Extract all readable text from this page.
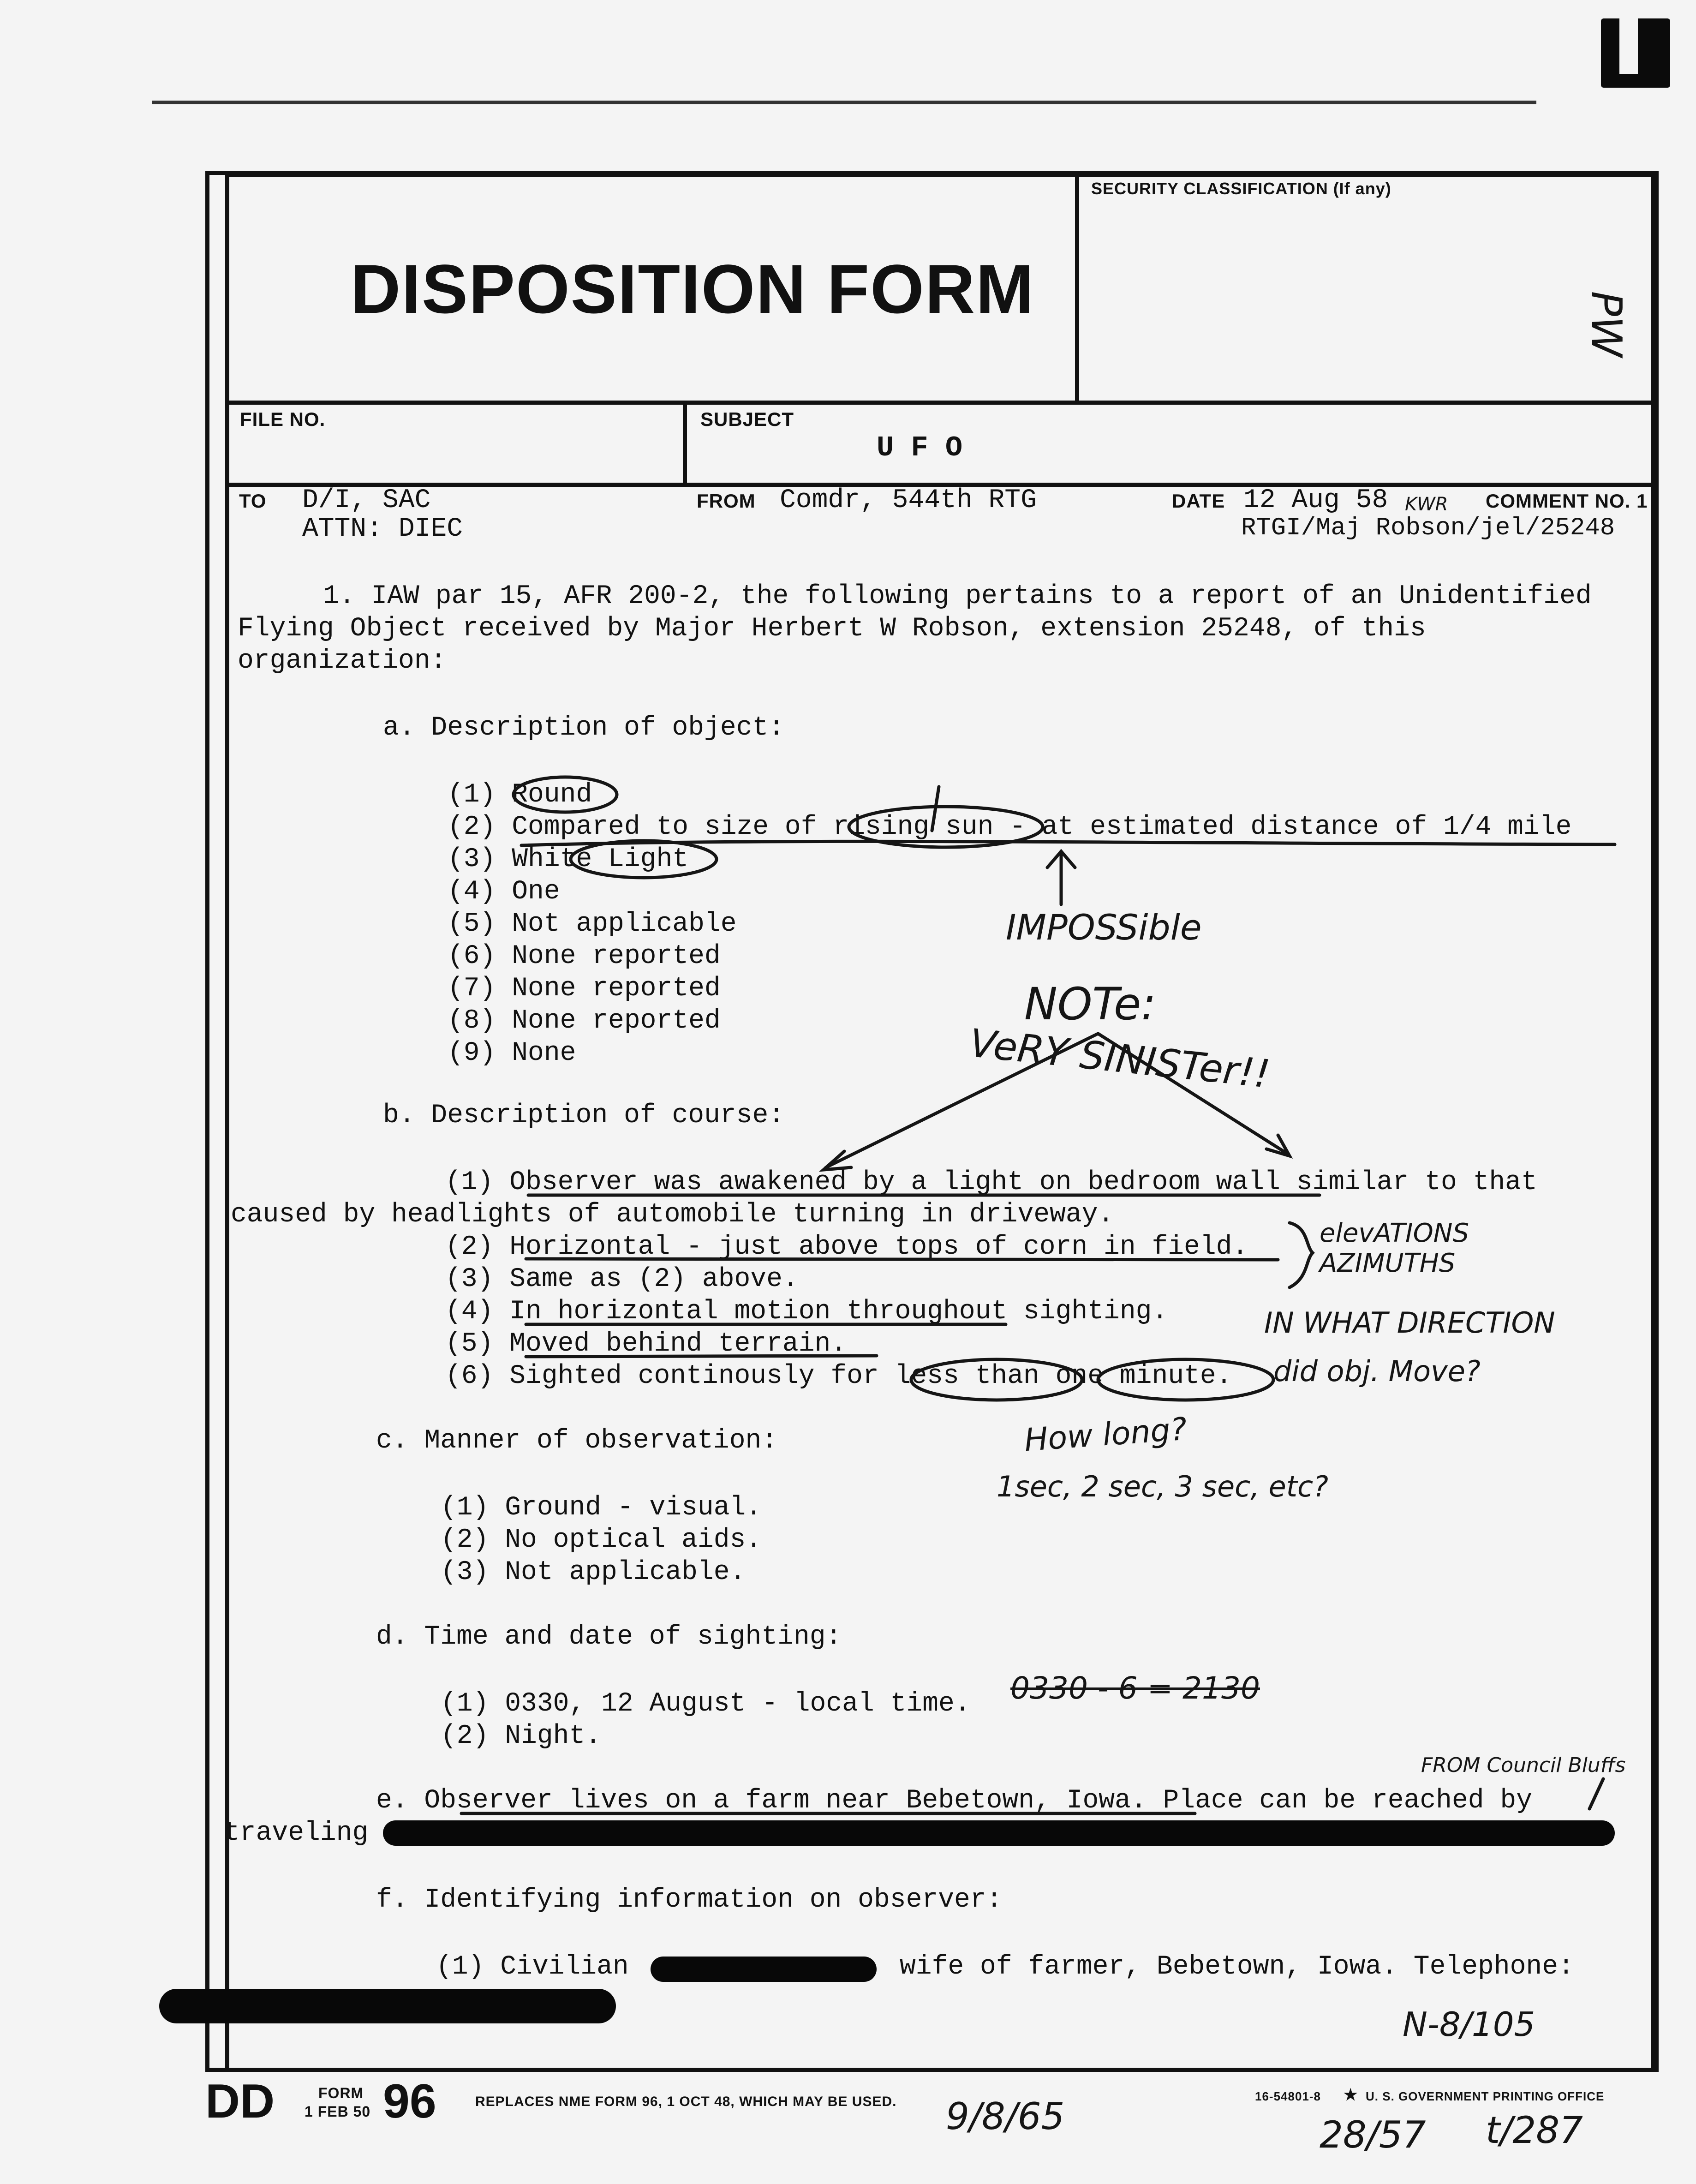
DISPOSITION FORM
SECURITY CLASSIFICATION (If any)
FILE NO.	SUBJECT
U F O
TO D/I, SAC
ATTN: DIEC
FROM Comdr, 544th RTG	DATE 12 Aug 58	COMMENT NO. 1
RTGI/Maj Robson/jel/25248
KWR
1. IAW par 15, AFR 200-2, the following pertains to a report of an Unidentified
Flying Object received by Major Herbert W Robson, extension 25248, of this
organization:
a. Description of object:
(1) Round
(2) Compared to size of rising sun - at estimated distance of 1/4 mile
(3) White Light
(4) One
(5) Not applicable
(6) None reported
(7) None reported
(8) None reported
(9) None
b. Description of course:
(1) Observer was awakened by a light on bedroom wall similar to that
caused by headlights of automobile turning in driveway.
(2) Horizontal - just above tops of corn in field.
(3) Same as (2) above.
(4) In horizontal motion throughout sighting.
(5) Moved behind terrain.
(6) Sighted continously for less than one minute.
c. Manner of observation:
(1) Ground - visual.
(2) No optical aids.
(3) Not applicable.
d. Time and date of sighting:
(1) 0330, 12 August - local time.
(2) Night.
e. Observer lives on a farm near Bebetown, Iowa. Place can be reached by
traveling
f. Identifying information on observer:
(1) Civilian	wife of farmer, Bebetown, Iowa. Telephone:
DD	FORM
1 FEB 50 96	REPLACES NME FORM 96, 1 OCT 48, WHICH MAY BE USED.	16-54801-8	U. S. GOVERNMENT PRINTING OFFICE
★
IMPOSSible
NOTe:
VeRY SINISTer!!
elevATIONS
AZIMUTHS
IN WHAT DIRECTION
did obj. Move?
How long?
1sec, 2 sec, 3 sec, etc?
0330 - 6 = 2130
FROM Council Bluffs
N-8/105
9/8/65	28/57 t/287
PW
